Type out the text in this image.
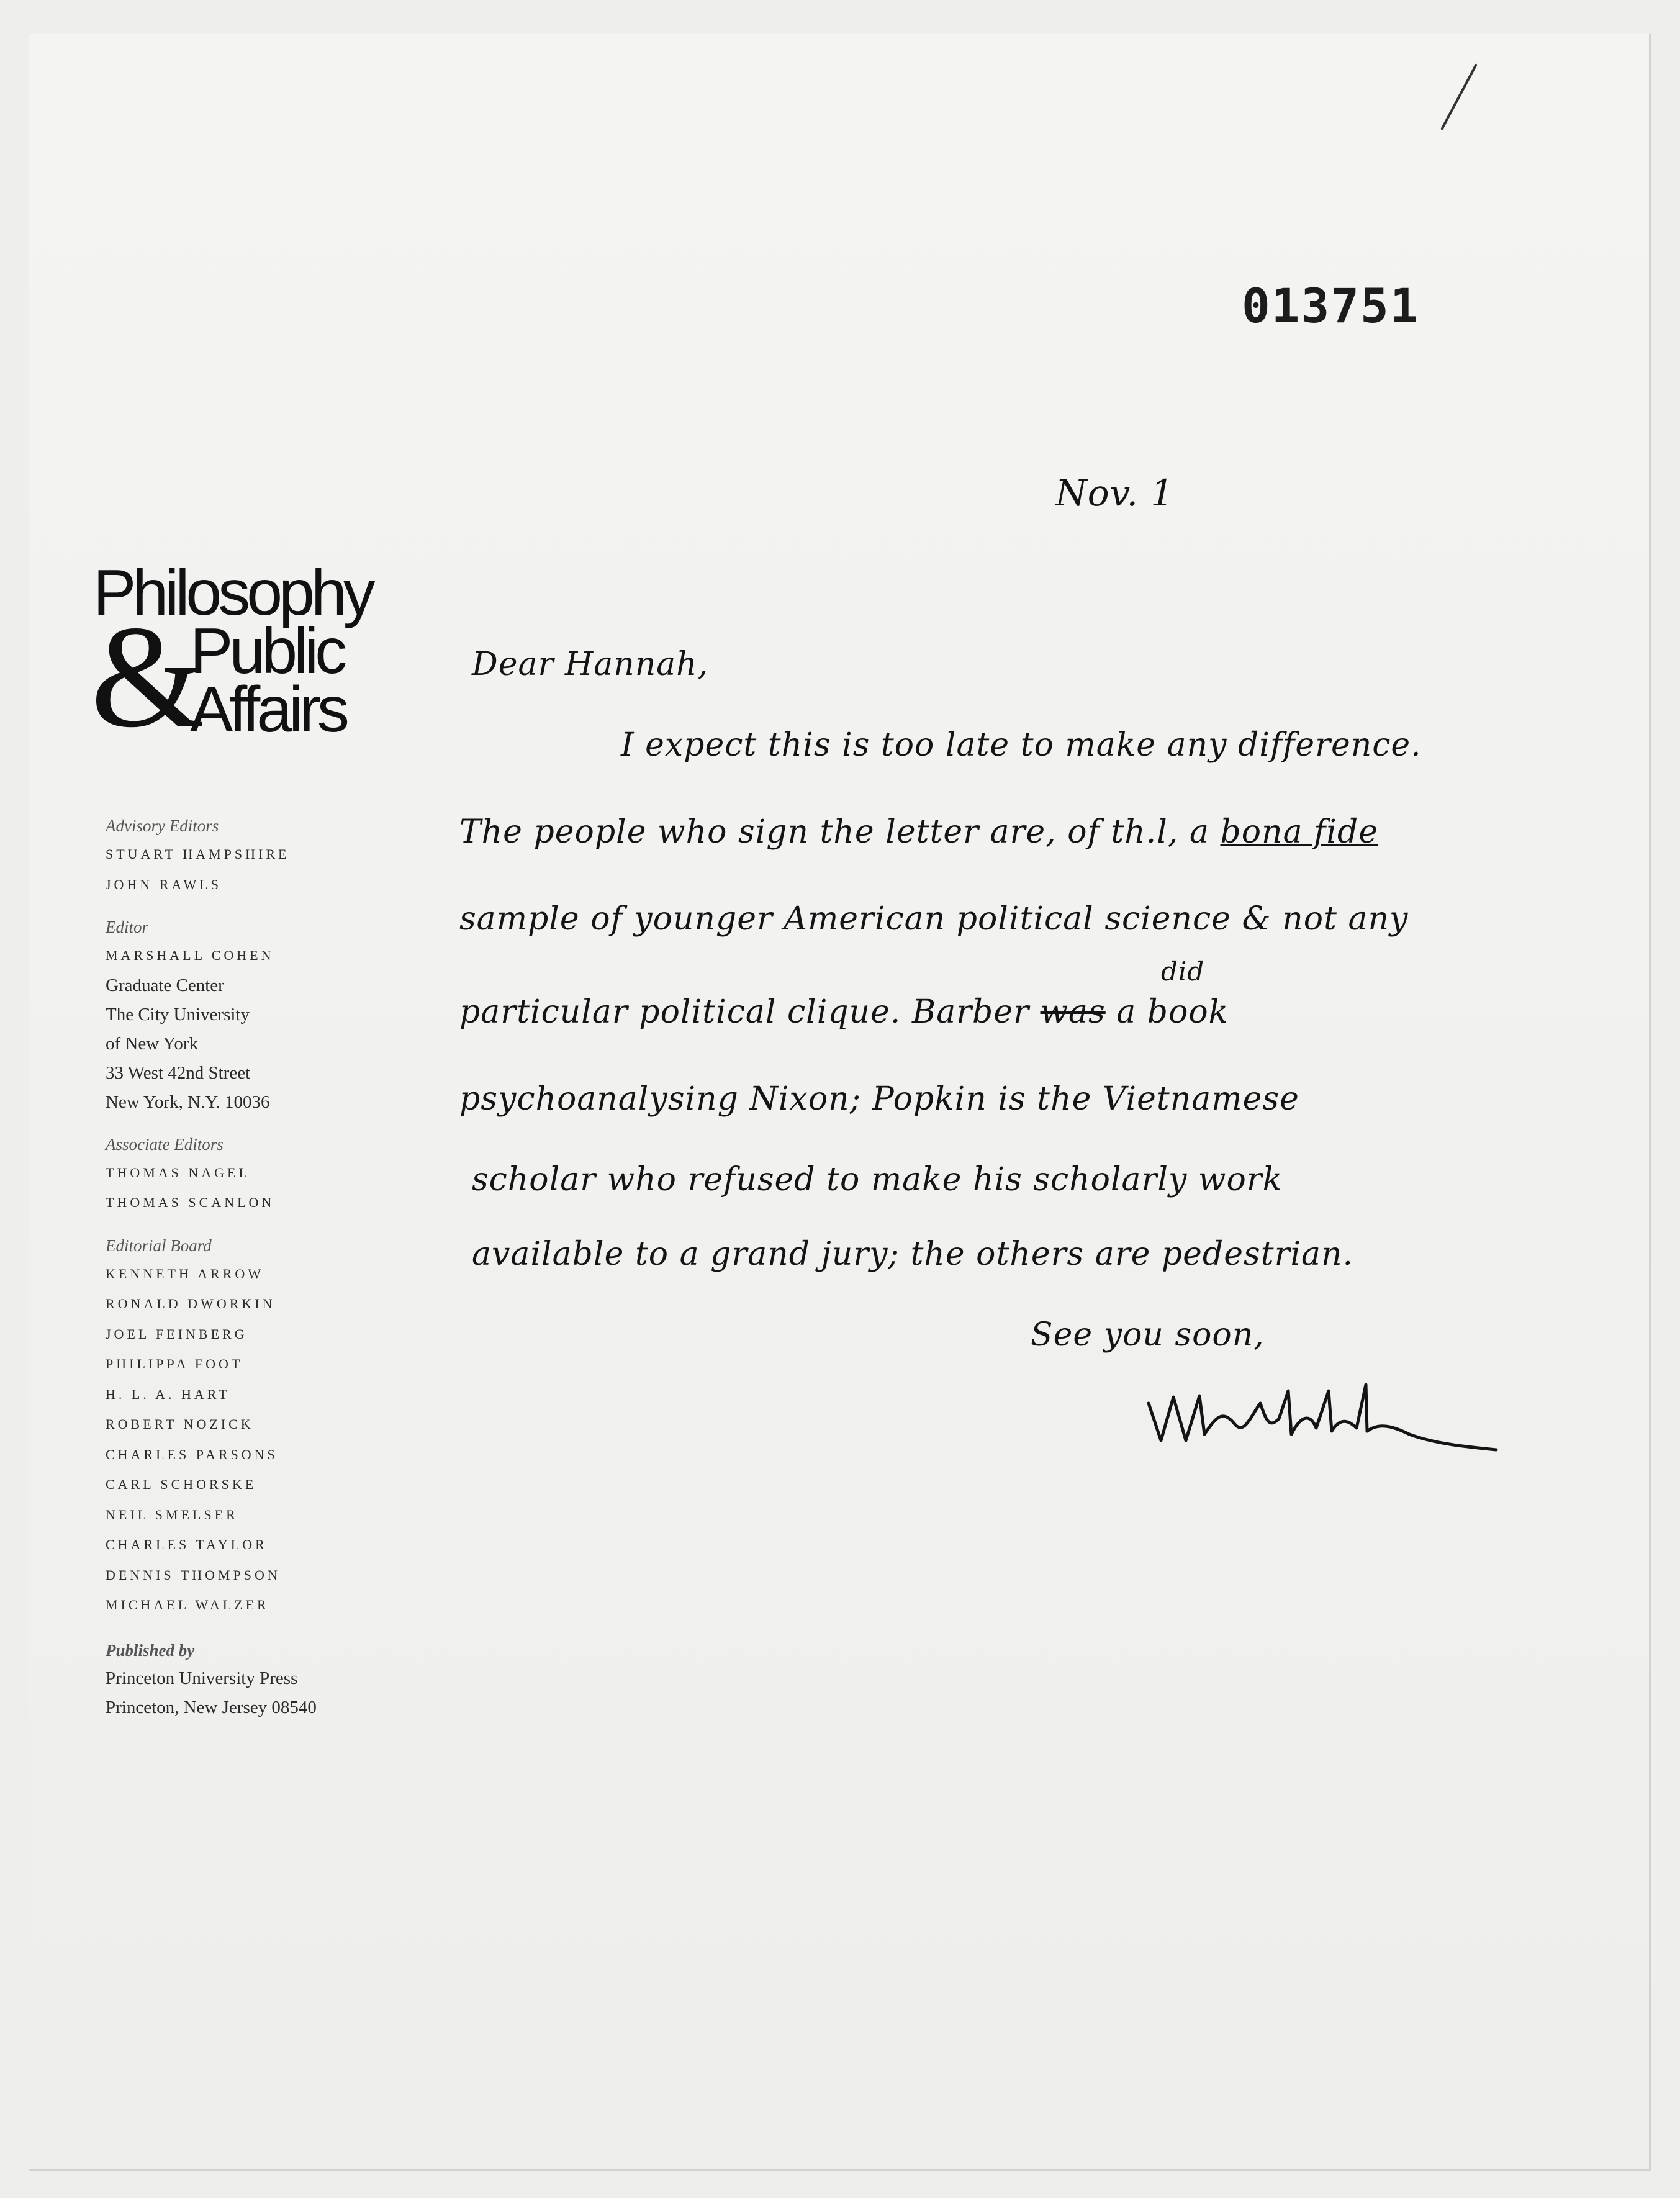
013751
Philosophy
&
Public
Affairs
Advisory Editors
STUART HAMPSHIRE
JOHN RAWLS
Editor
MARSHALL COHEN
Graduate Center
The City University
of New York
33 West 42nd Street
New York, N.Y. 10036
Associate Editors
THOMAS NAGEL
THOMAS SCANLON
Editorial Board
KENNETH ARROW
RONALD DWORKIN
JOEL FEINBERG
PHILIPPA FOOT
H. L. A. HART
ROBERT NOZICK
CHARLES PARSONS
CARL SCHORSKE
NEIL SMELSER
CHARLES TAYLOR
DENNIS THOMPSON
MICHAEL WALZER
Published by
Princeton University Press
Princeton, New Jersey 08540
Nov. 1
Dear Hannah,
I expect this is too late to make any difference.
The people who sign the letter are, of th.l, a bona fide
sample of younger American political science & not any
did
particular political clique. Barber was a book
psychoanalysing Nixon; Popkin is the Vietnamese
scholar who refused to make his scholarly work
available to a grand jury; the others are pedestrian.
See you soon,
